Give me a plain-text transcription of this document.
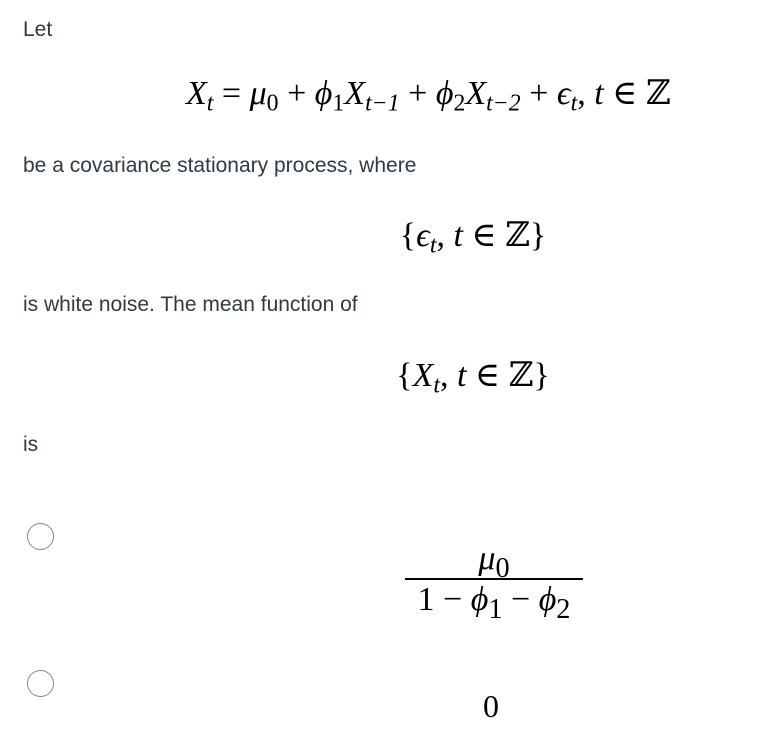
Let
$X_t = \mu_0 + \phi_1X_{t-1} + \phi_2X_{t-2} + \epsilon_t$, t ∈ ℤ
be a covariance stationary process, where
{$\epsilon_t$, t ∈ ℤ}
is white noise. The mean function of
{$X_t$, t ∈ ℤ}
is
$\mu_0$
$1 - \phi_1 - \phi_2$
0
